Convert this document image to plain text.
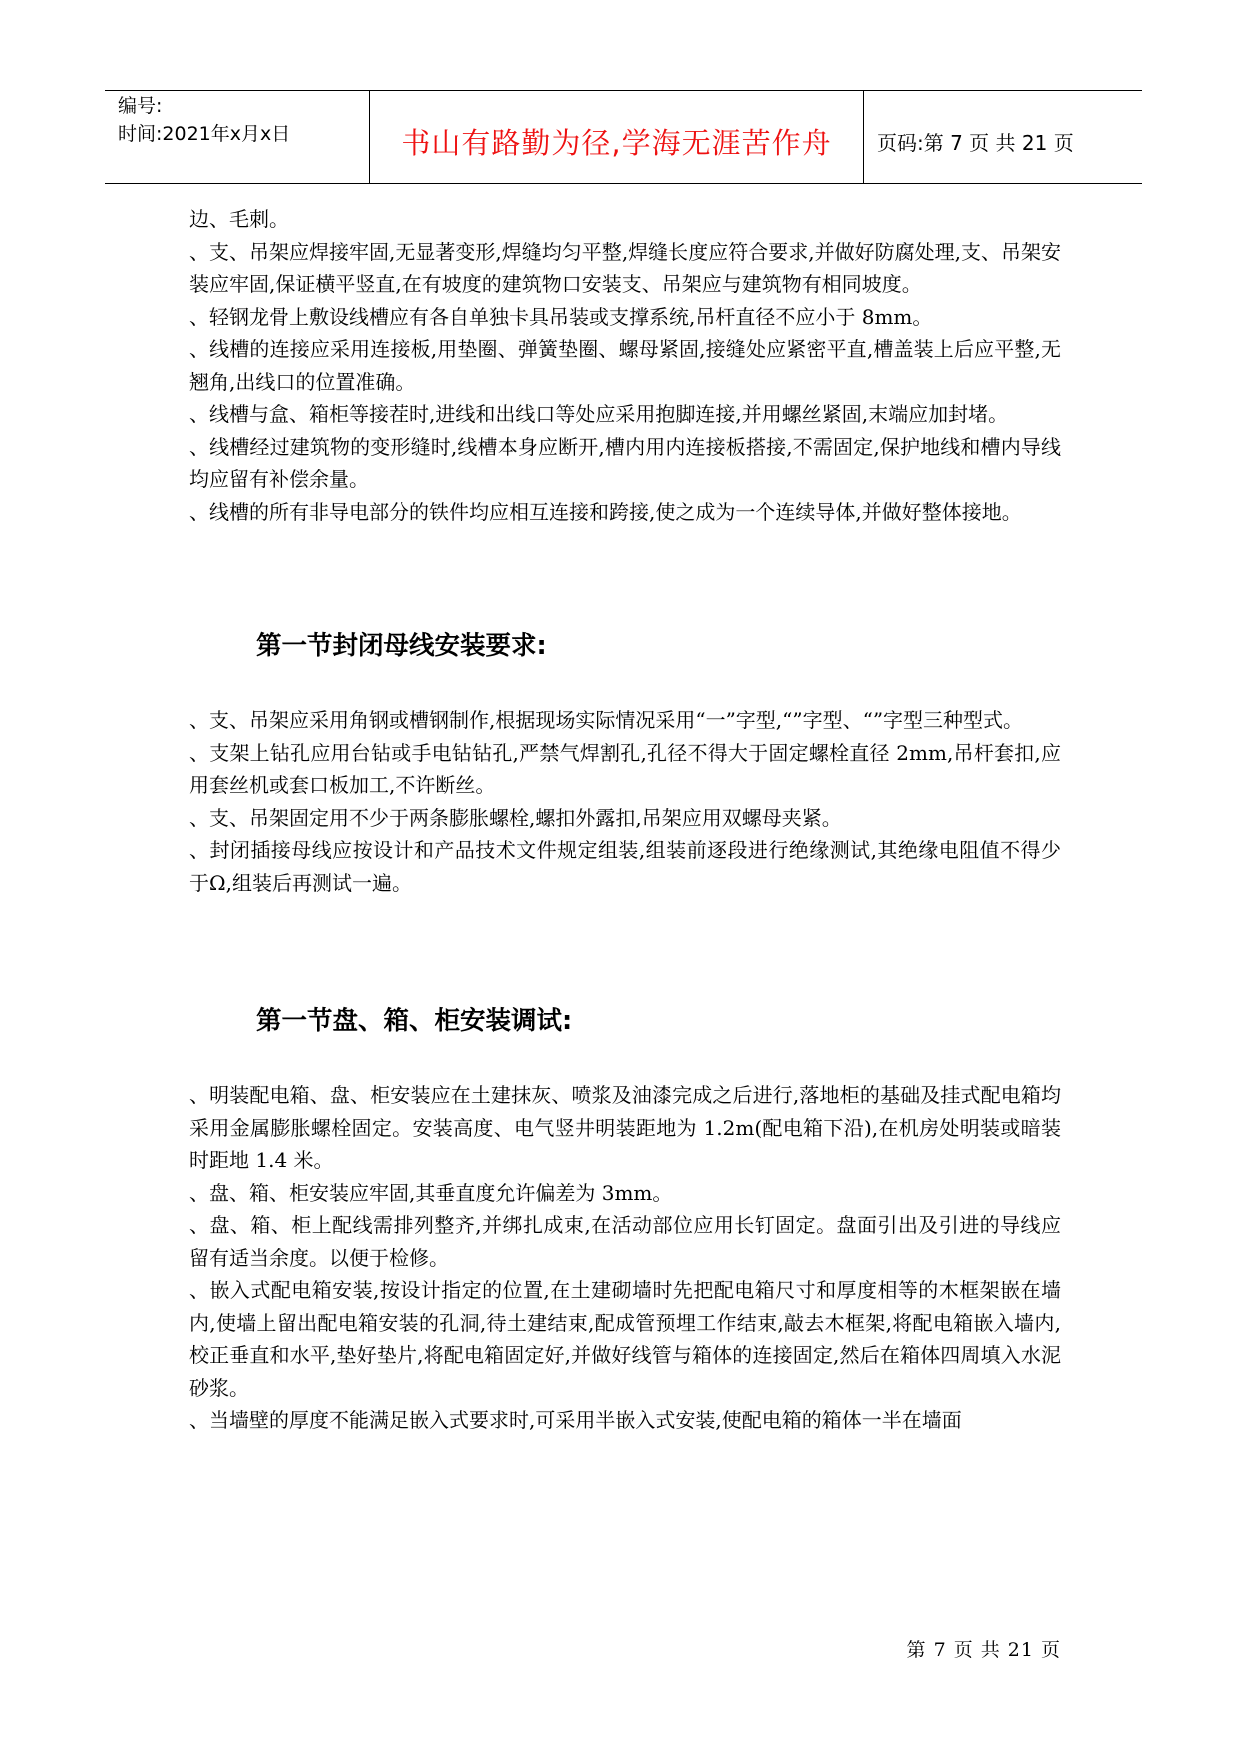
编号:
时间:2021年x月x日	书山有路勤为径,学海无涯苦作舟	页码:第 7 页 共 21 页

边、毛刺。

、支、吊架应焊接牢固,无显著变形,焊缝均匀平整,焊缝长度应符合要求,并做好防腐处理,支、吊架安装应牢固,保证横平竖直,在有坡度的建筑物口安装支、吊架应与建筑物有相同坡度。

、轻钢龙骨上敷设线槽应有各自单独卡具吊装或支撑系统,吊杆直径不应小于 8mm。

、线槽的连接应采用连接板,用垫圈、弹簧垫圈、螺母紧固,接缝处应紧密平直,槽盖装上后应平整,无翘角,出线口的位置准确。

、线槽与盒、箱柜等接茬时,进线和出线口等处应采用抱脚连接,并用螺丝紧固,末端应加封堵。

、线槽经过建筑物的变形缝时,线槽本身应断开,槽内用内连接板搭接,不需固定,保护地线和槽内导线均应留有补偿余量。

、线槽的所有非导电部分的铁件均应相互连接和跨接,使之成为一个连续导体,并做好整体接地。

第一节封闭母线安装要求:

、支、吊架应采用角钢或槽钢制作,根据现场实际情况采用“一”字型,“”字型、“”字型三种型式。

、支架上钻孔应用台钻或手电钻钻孔,严禁气焊割孔,孔径不得大于固定螺栓直径 2mm,吊杆套扣,应用套丝机或套口板加工,不许断丝。

、支、吊架固定用不少于两条膨胀螺栓,螺扣外露扣,吊架应用双螺母夹紧。

、封闭插接母线应按设计和产品技术文件规定组装,组装前逐段进行绝缘测试,其绝缘电阻值不得少于Ω,组装后再测试一遍。

第一节盘、箱、柜安装调试:

、明装配电箱、盘、柜安装应在土建抹灰、喷浆及油漆完成之后进行,落地柜的基础及挂式配电箱均采用金属膨胀螺栓固定。安装高度、电气竖井明装距地为 1.2m(配电箱下沿),在机房处明装或暗装时距地 1.4 米。

、盘、箱、柜安装应牢固,其垂直度允许偏差为 3mm。

、盘、箱、柜上配线需排列整齐,并绑扎成束,在活动部位应用长钉固定。盘面引出及引进的导线应留有适当余度。以便于检修。

、嵌入式配电箱安装,按设计指定的位置,在土建砌墙时先把配电箱尺寸和厚度相等的木框架嵌在墙内,使墙上留出配电箱安装的孔洞,待土建结束,配成管预埋工作结束,敲去木框架,将配电箱嵌入墙内,校正垂直和水平,垫好垫片,将配电箱固定好,并做好线管与箱体的连接固定,然后在箱体四周填入水泥砂浆。

、当墙壁的厚度不能满足嵌入式要求时,可采用半嵌入式安装,使配电箱的箱体一半在墙面

第 7 页 共 21 页
